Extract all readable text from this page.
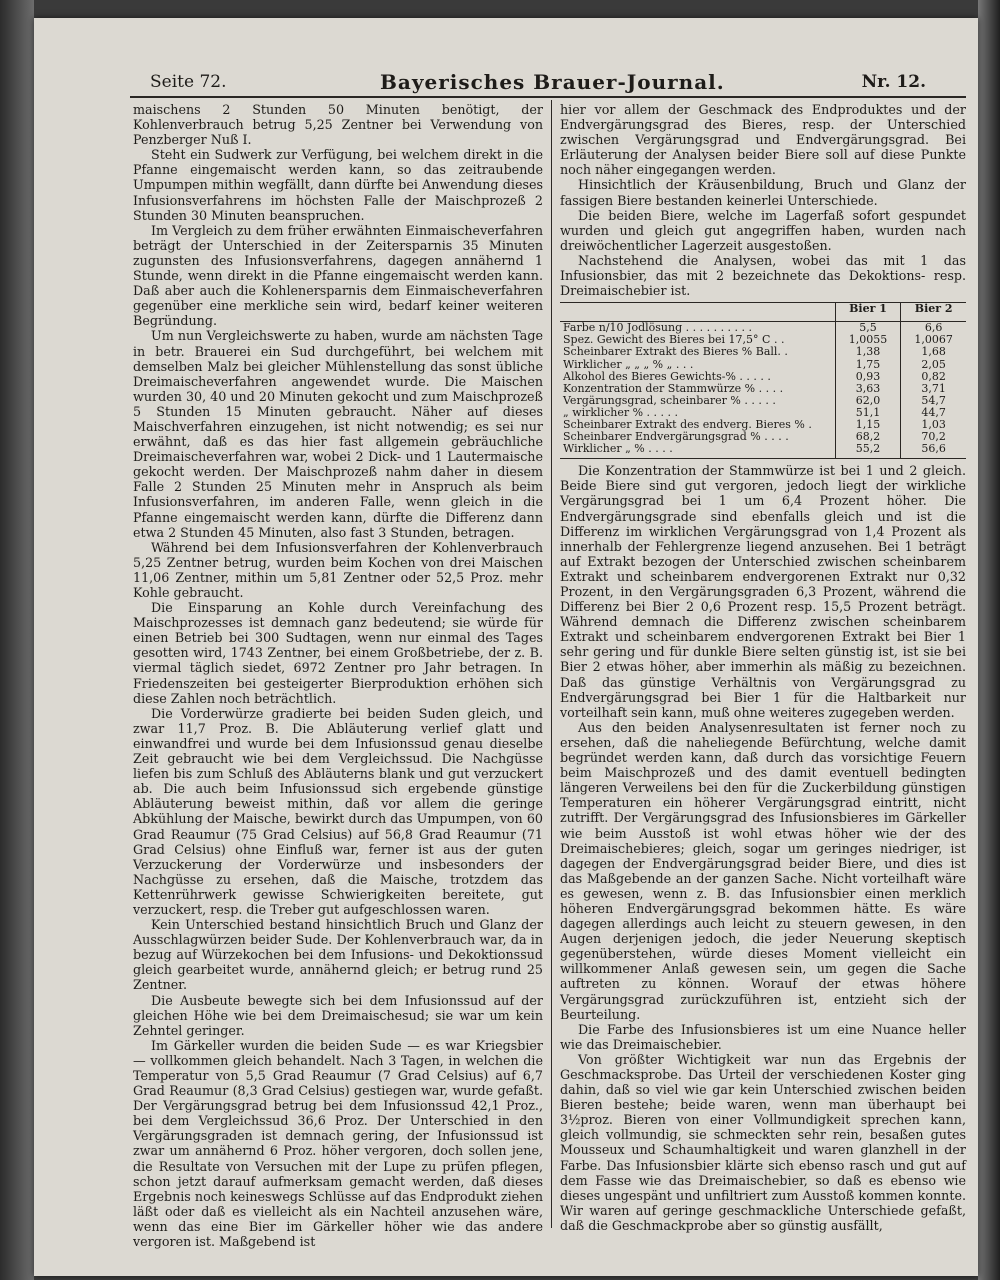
Seite 72.	Bayerisches Brauer-Journal.	Nr. 12.

maischens 2 Stunden 50 Minuten benötigt, der Kohlenverbrauch betrug 5,25 Zentner bei Verwendung von Penzberger Nuß I.

Steht ein Sudwerk zur Verfügung, bei welchem direkt in die Pfanne eingemaischt werden kann, so das zeitraubende Umpumpen mithin wegfällt, dann dürfte bei Anwendung dieses Infusionsverfahrens im höchsten Falle der Maischprozeß 2 Stunden 30 Minuten beanspruchen.

Im Vergleich zu dem früher erwähnten Einmaischeverfahren beträgt der Unterschied in der Zeitersparnis 35 Minuten zugunsten des Infusionsverfahrens, dagegen annähernd 1 Stunde, wenn direkt in die Pfanne eingemaischt werden kann. Daß aber auch die Kohlenersparnis dem Einmaischeverfahren gegenüber eine merkliche sein wird, bedarf keiner weiteren Begründung.

Um nun Vergleichswerte zu haben, wurde am nächsten Tage in betr. Brauerei ein Sud durchgeführt, bei welchem mit demselben Malz bei gleicher Mühlenstellung das sonst übliche Dreimaischeverfahren angewendet wurde. Die Maischen wurden 30, 40 und 20 Minuten gekocht und zum Maischprozeß 5 Stunden 15 Minuten gebraucht. Näher auf dieses Maischverfahren einzugehen, ist nicht notwendig; es sei nur erwähnt, daß es das hier fast allgemein gebräuchliche Dreimaischeverfahren war, wobei 2 Dick- und 1 Lautermaische gekocht werden. Der Maischprozeß nahm daher in diesem Falle 2 Stunden 25 Minuten mehr in Anspruch als beim Infusionsverfahren, im anderen Falle, wenn gleich in die Pfanne eingemaischt werden kann, dürfte die Differenz dann etwa 2 Stunden 45 Minuten, also fast 3 Stunden, betragen.

Während bei dem Infusionsverfahren der Kohlenverbrauch 5,25 Zentner betrug, wurden beim Kochen von drei Maischen 11,06 Zentner, mithin um 5,81 Zentner oder 52,5 Proz. mehr Kohle gebraucht.

Die Einsparung an Kohle durch Vereinfachung des Maischprozesses ist demnach ganz bedeutend; sie würde für einen Betrieb bei 300 Sudtagen, wenn nur einmal des Tages gesotten wird, 1743 Zentner, bei einem Großbetriebe, der z. B. viermal täglich siedet, 6972 Zentner pro Jahr betragen. In Friedenszeiten bei gesteigerter Bierproduktion erhöhen sich diese Zahlen noch beträchtlich.

Die Vorderwürze gradierte bei beiden Suden gleich, und zwar 11,7 Proz. B. Die Abläuterung verlief glatt und einwandfrei und wurde bei dem Infusionssud genau dieselbe Zeit gebraucht wie bei dem Vergleichssud. Die Nachgüsse liefen bis zum Schluß des Abläuterns blank und gut verzuckert ab. Die auch beim Infusionssud sich ergebende günstige Abläuterung beweist mithin, daß vor allem die geringe Abkühlung der Maische, bewirkt durch das Umpumpen, von 60 Grad Reaumur (75 Grad Celsius) auf 56,8 Grad Reaumur (71 Grad Celsius) ohne Einfluß war, ferner ist aus der guten Verzuckerung der Vorderwürze und insbesonders der Nachgüsse zu ersehen, daß die Maische, trotzdem das Kettenrührwerk gewisse Schwierigkeiten bereitete, gut verzuckert, resp. die Treber gut aufgeschlossen waren.

Kein Unterschied bestand hinsichtlich Bruch und Glanz der Ausschlagwürzen beider Sude. Der Kohlenverbrauch war, da in bezug auf Würzekochen bei dem Infusions- und Dekoktionssud gleich gearbeitet wurde, annähernd gleich; er betrug rund 25 Zentner.

Die Ausbeute bewegte sich bei dem Infusionssud auf der gleichen Höhe wie bei dem Dreimaischesud; sie war um kein Zehntel geringer.

Im Gärkeller wurden die beiden Sude — es war Kriegsbier — vollkommen gleich behandelt. Nach 3 Tagen, in welchen die Temperatur von 5,5 Grad Reaumur (7 Grad Celsius) auf 6,7 Grad Reaumur (8,3 Grad Celsius) gestiegen war, wurde gefaßt. Der Vergärungsgrad betrug bei dem Infusionssud 42,1 Proz., bei dem Vergleichssud 36,6 Proz. Der Unterschied in den Vergärungsgraden ist demnach gering, der Infusionssud ist zwar um annähernd 6 Proz. höher vergoren, doch sollen jene, die Resultate von Versuchen mit der Lupe zu prüfen pflegen, schon jetzt darauf aufmerksam gemacht werden, daß dieses Ergebnis noch keineswegs Schlüsse auf das Endprodukt ziehen läßt oder daß es vielleicht als ein Nachteil anzusehen wäre, wenn das eine Bier im Gärkeller höher wie das andere vergoren ist. Maßgebend ist

hier vor allem der Geschmack des Endproduktes und der Endvergärungsgrad des Bieres, resp. der Unterschied zwischen Vergärungsgrad und Endvergärungsgrad. Bei Erläuterung der Analysen beider Biere soll auf diese Punkte noch näher eingegangen werden.

Hinsichtlich der Kräusenbildung, Bruch und Glanz der fassigen Biere bestanden keinerlei Unterschiede.

Die beiden Biere, welche im Lagerfaß sofort gespundet wurden und gleich gut angegriffen haben, wurden nach dreiwöchentlicher Lagerzeit ausgestoßen.

Nachstehend die Analysen, wobei das mit 1 das Infusionsbier, das mit 2 bezeichnete das Dekoktions- resp. Dreimaischebier ist.

	Bier 1	Bier 2
Farbe n/10 Jodlösung . . . . . . . . . .	5,5	6,6
Spez. Gewicht des Bieres bei 17,5° C . .	1,0055	1,0067
Scheinbarer Extrakt des Bieres % Ball. .	1,38	1,68
Wirklicher „ „ „ % „ . . .	1,75	2,05
Alkohol des Bieres Gewichts-% . . . . .	0,93	0,82
Konzentration der Stammwürze % . . . .	3,63	3,71
Vergärungsgrad, scheinbarer % . . . . .	62,0	54,7
„ wirklicher % . . . . .	51,1	44,7
Scheinbarer Extrakt des endverg. Bieres % .	1,15	1,03
Scheinbarer Endvergärungsgrad % . . . .	68,2	70,2
Wirklicher „ % . . . .	55,2	56,6

Die Konzentration der Stammwürze ist bei 1 und 2 gleich. Beide Biere sind gut vergoren, jedoch liegt der wirkliche Vergärungsgrad bei 1 um 6,4 Prozent höher. Die Endvergärungsgrade sind ebenfalls gleich und ist die Differenz im wirklichen Vergärungsgrad von 1,4 Prozent als innerhalb der Fehlergrenze liegend anzusehen. Bei 1 beträgt auf Extrakt bezogen der Unterschied zwischen scheinbarem Extrakt und scheinbarem endvergorenen Extrakt nur 0,32 Prozent, in den Vergärungsgraden 6,3 Prozent, während die Differenz bei Bier 2 0,6 Prozent resp. 15,5 Prozent beträgt. Während demnach die Differenz zwischen scheinbarem Extrakt und scheinbarem endvergorenen Extrakt bei Bier 1 sehr gering und für dunkle Biere selten günstig ist, ist sie bei Bier 2 etwas höher, aber immerhin als mäßig zu bezeichnen. Daß das günstige Verhältnis von Vergärungsgrad zu Endvergärungsgrad bei Bier 1 für die Haltbarkeit nur vorteilhaft sein kann, muß ohne weiteres zugegeben werden.

Aus den beiden Analysenresultaten ist ferner noch zu ersehen, daß die naheliegende Befürchtung, welche damit begründet werden kann, daß durch das vorsichtige Feuern beim Maischprozeß und des damit eventuell bedingten längeren Verweilens bei den für die Zuckerbildung günstigen Temperaturen ein höherer Vergärungsgrad eintritt, nicht zutrifft. Der Vergärungsgrad des Infusionsbieres im Gärkeller wie beim Ausstoß ist wohl etwas höher wie der des Dreimaischebieres; gleich, sogar um geringes niedriger, ist dagegen der Endvergärungsgrad beider Biere, und dies ist das Maßgebende an der ganzen Sache. Nicht vorteilhaft wäre es gewesen, wenn z. B. das Infusionsbier einen merklich höheren Endvergärungsgrad bekommen hätte. Es wäre dagegen allerdings auch leicht zu steuern gewesen, in den Augen derjenigen jedoch, die jeder Neuerung skeptisch gegenüberstehen, würde dieses Moment vielleicht ein willkommener Anlaß gewesen sein, um gegen die Sache auftreten zu können. Worauf der etwas höhere Vergärungsgrad zurückzuführen ist, entzieht sich der Beurteilung.

Die Farbe des Infusionsbieres ist um eine Nuance heller wie das Dreimaischebier.

Von größter Wichtigkeit war nun das Ergebnis der Geschmacksprobe. Das Urteil der verschiedenen Koster ging dahin, daß so viel wie gar kein Unterschied zwischen beiden Bieren bestehe; beide waren, wenn man überhaupt bei 3½proz. Bieren von einer Vollmundigkeit sprechen kann, gleich vollmundig, sie schmeckten sehr rein, besaßen gutes Mousseux und Schaumhaltigkeit und waren glanzhell in der Farbe. Das Infusionsbier klärte sich ebenso rasch und gut auf dem Fasse wie das Dreimaischebier, so daß es ebenso wie dieses ungespänt und unfiltriert zum Ausstoß kommen konnte. Wir waren auf geringe geschmackliche Unterschiede gefaßt, daß die Geschmackprobe aber so günstig ausfällt,
